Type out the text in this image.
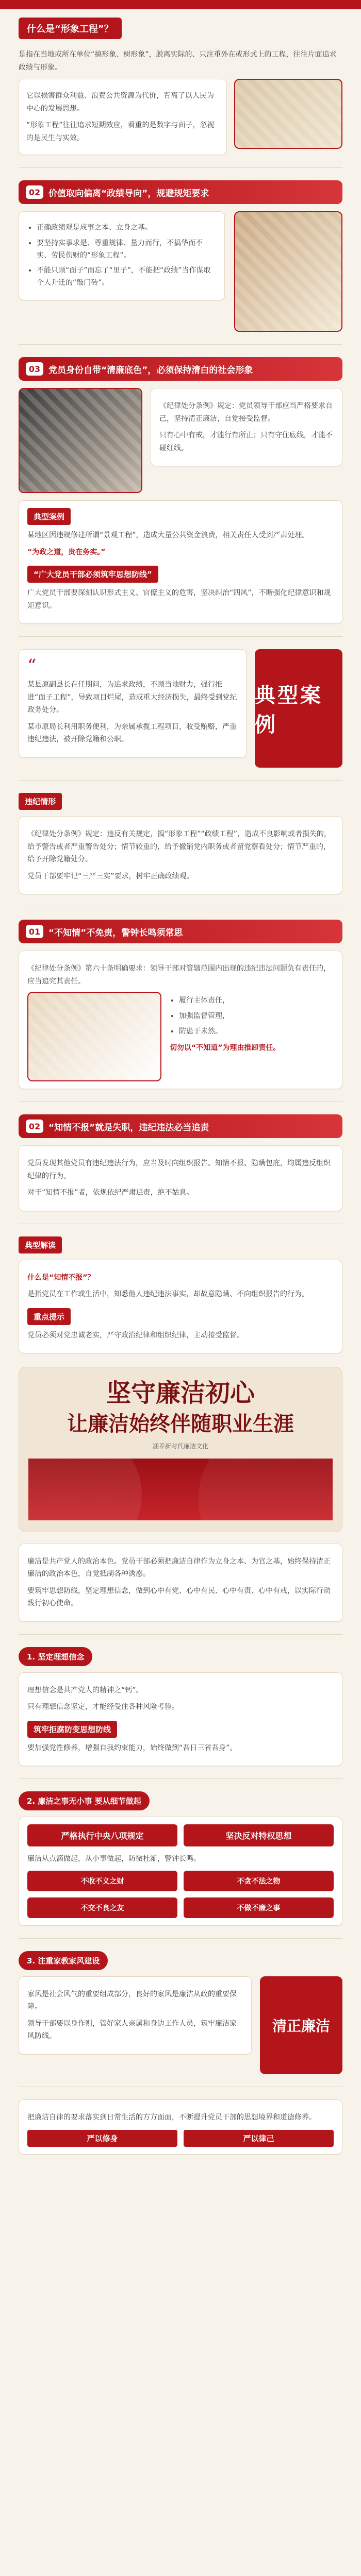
什么是“形象工程”？
是指在当地或所在单位“搞形象、树形象”，脱离实际的、只注重外在或形式上的工程，往往片面追求政绩与形象。
它以损害群众利益、浪费公共资源为代价，背离了以人民为中心的发展思想。
“形象工程”往往追求短期效应，看重的是数字与面子，忽视的是民生与实效。
02 价值取向偏离“政绩导向”，规避规矩要求
• 正确政绩观是成事之本、立身之基。
• 要坚持实事求是、尊重规律、量力而行，不搞华而不实、劳民伤财的“形象工程”。
• 不能只顾“面子”而忘了“里子”，不能把“政绩”当作谋取个人升迁的“敲门砖”。
03 党员身份自带“清廉底色”，必须保持清白的社会形象
《纪律处分条例》规定：党员领导干部应当严格要求自己，坚持清正廉洁，自觉接受监督。
只有心中有戒，才能行有所止；只有守住底线，才能不碰红线。
典型案例
某地区因违规修建所谓“景观工程”，造成大量公共资金浪费，相关责任人受到严肃处理。
“为政之道，贵在务实。”
“广大党员干部必须筑牢思想防线”
广大党员干部要深刻认识形式主义、官僚主义的危害，坚决纠治“四风”，不断强化纪律意识和规矩意识。
“
某县原副县长在任期间，为追求政绩，不顾当地财力，强行推进“面子工程”，导致项目烂尾，造成重大经济损失，最终受到党纪政务处分。
某市原局长利用职务便利，为亲属承揽工程项目，收受贿赂，严重违纪违法，被开除党籍和公职。
典型案例
违纪情形
《纪律处分条例》规定：违反有关规定，搞“形象工程”“政绩工程”，造成不良影响或者损失的，给予警告或者严重警告处分；情节较重的，给予撤销党内职务或者留党察看处分；情节严重的，给予开除党籍处分。
党员干部要牢记“三严三实”要求，树牢正确政绩观。
01 “不知情”不免责，警钟长鸣须常思
《纪律处分条例》第六十条明确要求：领导干部对管辖范围内出现的违纪违法问题负有责任的，应当追究其责任。
• 履行主体责任，
• 加强监督管理，
• 防患于未然。
切勿以“不知道”为理由推卸责任。
02 “知情不报”就是失职，违纪违法必当追责
党员发现其他党员有违纪违法行为，应当及时向组织报告。知情不报、隐瞒包庇，均属违反组织纪律的行为。
对于“知情不报”者，依规依纪严肃追责，绝不姑息。
典型解读
什么是“知情不报”？
是指党员在工作或生活中，知悉他人违纪违法事实，却故意隐瞒、不向组织报告的行为。
重点提示
党员必须对党忠诚老实，严守政治纪律和组织纪律，主动接受监督。
坚守廉洁初心
让廉洁始终伴随职业生涯
涵养新时代廉洁文化
廉洁是共产党人的政治本色。党员干部必须把廉洁自律作为立身之本、为官之基，始终保持清正廉洁的政治本色，自觉抵制各种诱惑。
要筑牢思想防线，坚定理想信念，做到心中有党、心中有民、心中有责、心中有戒，以实际行动践行初心使命。
1. 坚定理想信念
理想信念是共产党人的精神之“钙”。
只有理想信念坚定，才能经受住各种风险考验。
筑牢拒腐防变思想防线
要加强党性修养，增强自我约束能力，始终做到“吾日三省吾身”。
2. 廉洁之事无小事 要从细节做起
严格执行中央八项规定	坚决反对特权思想
廉洁从点滴做起，从小事做起，防微杜渐，警钟长鸣。
不收不义之财	不贪不法之物
不交不良之友	不做不廉之事
3. 注重家教家风建设
家风是社会风气的重要组成部分，良好的家风是廉洁从政的重要保障。
领导干部要以身作则，管好家人亲属和身边工作人员，筑牢廉洁家风防线。
清正廉洁
把廉洁自律的要求落实到日常生活的方方面面，不断提升党员干部的思想境界和道德修养。
严以修身	严以律己
